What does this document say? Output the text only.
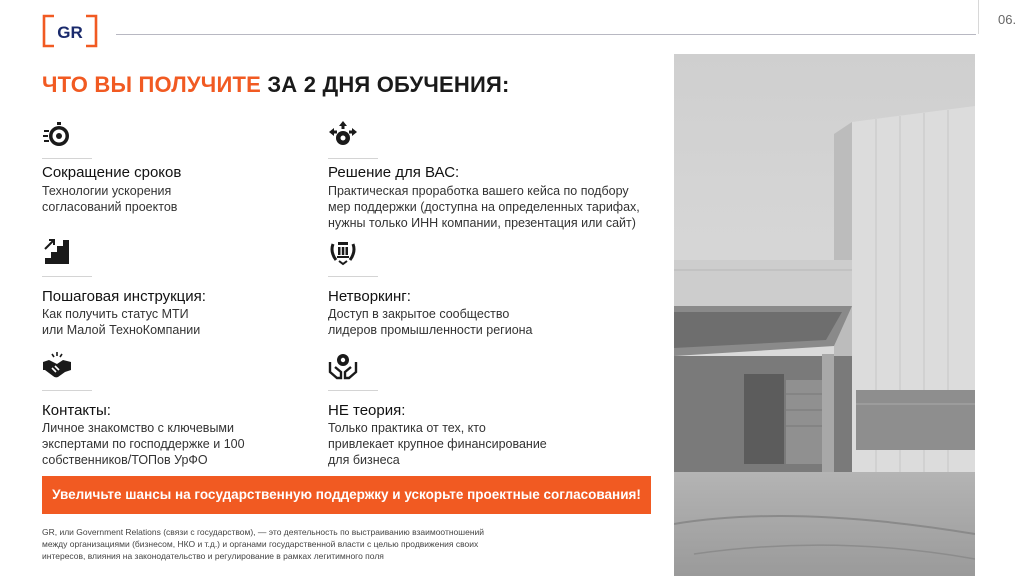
GR
06.
ЧТО ВЫ ПОЛУЧИТЕ ЗА 2 ДНЯ ОБУЧЕНИЯ:
Сокращение сроков
Технологии ускорения
согласований проектов
Решение для ВАС:
Практическая проработка вашего кейса по подбору
мер поддержки (доступна на определенных тарифах,
нужны только ИНН компании, презентация или сайт)
Пошаговая инструкция:
Как получить статус МТИ
или Малой ТехноКомпании
Нетворкинг:
Доступ в закрытое сообщество
лидеров промышленности региона
Контакты:
Личное знакомство с ключевыми
экспертами по господдержке и 100
собственников/ТОПов УрФО
НЕ теория:
Только практика от тех, кто
привлекает крупное финансирование
для бизнеса
Увеличьте шансы на государственную поддержку и ускорьте проектные согласования!
GR, или Government Relations (связи с государством), — это деятельность по выстраиванию взаимоотношений
между организациями (бизнесом, НКО и т.д.) и органами государственной власти с целью продвижения своих
интересов, влияния на законодательство и регулирование в рамках легитимного поля
